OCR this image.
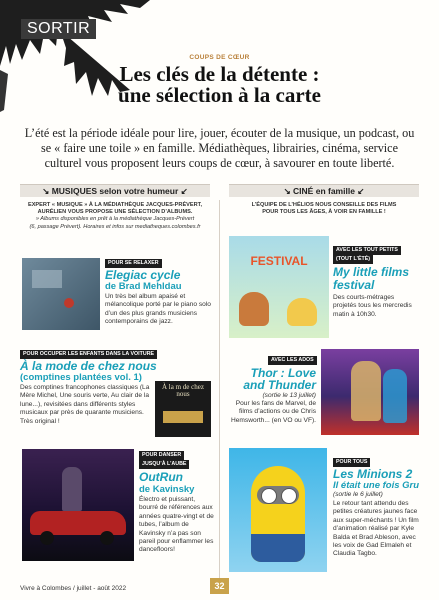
SORTIR
COUPS DE CŒUR
Les clés de la détente :
une sélection à la carte
L’été est la période idéale pour lire, jouer, écouter de la musique, un podcast, ou se « faire une toile » en famille. Médiathèques, librairies, cinéma, service culturel vous proposent leurs coups de cœur, à savourer en toute liberté.
↘ MUSIQUES selon votre humeur ↙	↘ CINÉ en famille ↙
EXPERT « MUSIQUE » À LA MÉDIATHÈQUE JACQUES-PRÉVERT,
AURÉLIEN VOUS PROPOSE UNE SÉLECTION D’ALBUMS.
» Albums disponibles en prêt à la médiathèque Jacques-Prévert
(6, passage Prévert). Horaires et infos sur mediatheques.colombes.fr
POUR SE RELAXER
Elegiac cycle
de Brad Mehldau
Un très bel album apaisé et mélancolique porté par le piano solo d’un des plus grands musiciens contemporains de jazz.
POUR OCCUPER LES ENFANTS DANS LA VOITURE
À la mode de chez nous
(comptines plantées vol. 1)
Des comptines francophones classiques (La Mère Michel, Une souris verte, Au clair de la lune...), revisitées dans différents styles musicaux par près de quarante musiciens. Très original !
À la m de chez nous
POUR DANSER
JUSQU’À L’AUBE
OutRun
de Kavinsky
Électro et puissant, bourré de références aux années quatre-vingt et de tubes, l’album de Kavinsky n’a pas son pareil pour enflammer les dancefloors!
L’ÉQUIPE DE L’HÉLIOS NOUS CONSEILLE DES FILMS
POUR TOUS LES ÂGES, À VOIR EN FAMILLE !
FESTIVAL
AVEC LES TOUT PETITS
(TOUT L’ÉTÉ)
My little films festival
Des courts-métrages projetés tous les mercredis matin à 10h30.
AVEC LES ADOS
Thor : Love
and Thunder
(sortie le 13 juillet)
Pour les fans de Marvel, de films d’actions ou de Chris Hemsworth... (en VO ou VF).
POUR TOUS
Les Minions 2
Il était une fois Gru
(sortie le 6 juillet)
Le retour tant attendu des petites créatures jaunes face aux super-méchants ! Un film d’animation réalisé par Kyle Balda et Brad Ableson, avec les voix de Gad Elmaleh et Claudia Tagbo.
Vivre à Colombes / juillet - août 2022	32
